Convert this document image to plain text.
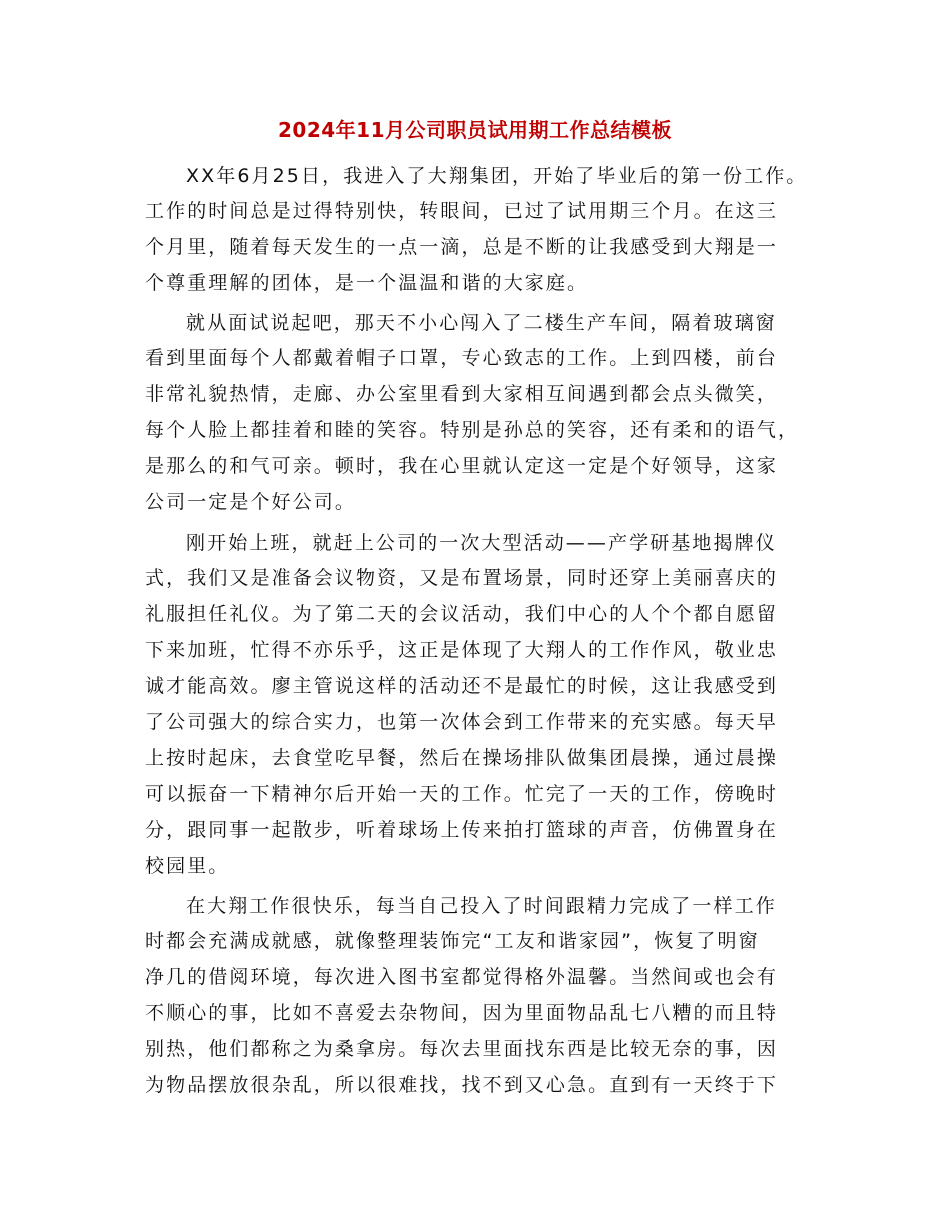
2024年11月公司职员试用期工作总结模板
XX年6月25日，我进入了大翔集团，开始了毕业后的第一份工作。
工作的时间总是过得特别快，转眼间，已过了试用期三个月。在这三
个月里，随着每天发生的一点一滴，总是不断的让我感受到大翔是一
个尊重理解的团体，是一个温温和谐的大家庭。
就从面试说起吧，那天不小心闯入了二楼生产车间，隔着玻璃窗
看到里面每个人都戴着帽子口罩，专心致志的工作。上到四楼，前台
非常礼貌热情，走廊、办公室里看到大家相互间遇到都会点头微笑，
每个人脸上都挂着和睦的笑容。特别是孙总的笑容，还有柔和的语气，
是那么的和气可亲。顿时，我在心里就认定这一定是个好领导，这家
公司一定是个好公司。
刚开始上班，就赶上公司的一次大型活动——产学研基地揭牌仪
式，我们又是准备会议物资，又是布置场景，同时还穿上美丽喜庆的
礼服担任礼仪。为了第二天的会议活动，我们中心的人个个都自愿留
下来加班，忙得不亦乐乎，这正是体现了大翔人的工作作风，敬业忠
诚才能高效。廖主管说这样的活动还不是最忙的时候，这让我感受到
了公司强大的综合实力，也第一次体会到工作带来的充实感。每天早
上按时起床，去食堂吃早餐，然后在操场排队做集团晨操，通过晨操
可以振奋一下精神尔后开始一天的工作。忙完了一天的工作，傍晚时
分，跟同事一起散步，听着球场上传来拍打篮球的声音，仿佛置身在
校园里。
在大翔工作很快乐，每当自己投入了时间跟精力完成了一样工作
时都会充满成就感，就像整理装饰完“工友和谐家园”，恢复了明窗
净几的借阅环境，每次进入图书室都觉得格外温馨。当然间或也会有
不顺心的事，比如不喜爱去杂物间，因为里面物品乱七八糟的而且特
别热，他们都称之为桑拿房。每次去里面找东西是比较无奈的事，因
为物品摆放很杂乱，所以很难找，找不到又心急。直到有一天终于下
